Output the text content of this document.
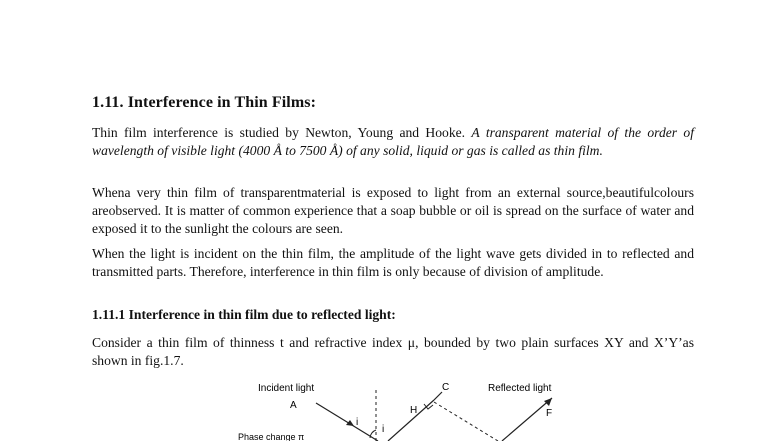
1.11. Interference in Thin Films:
Thin film interference is studied by Newton, Young and Hooke. A transparent material of the order of wavelength of visible light (4000 Å to 7500 Å) of any solid, liquid or gas is called as thin film.
Whena very thin film of transparentmaterial is exposed to light from an external source,beautifulcolours areobserved. It is matter of common experience that a soap bubble or oil is spread on the surface of water and exposed it to the sunlight the colours are seen.
When the light is incident on the thin film, the amplitude of the light wave gets divided in to reflected and transmitted parts. Therefore, interference in thin film is only because of division of amplitude.
1.11.1 Interference in thin film due to reflected light:
Consider a thin film of thinness t and refractive index μ, bounded by two plain surfaces XY and X’Y’as shown in fig.1.7.
Incident light
A
C	Reflected light
H	F
i
i
Phase change π
